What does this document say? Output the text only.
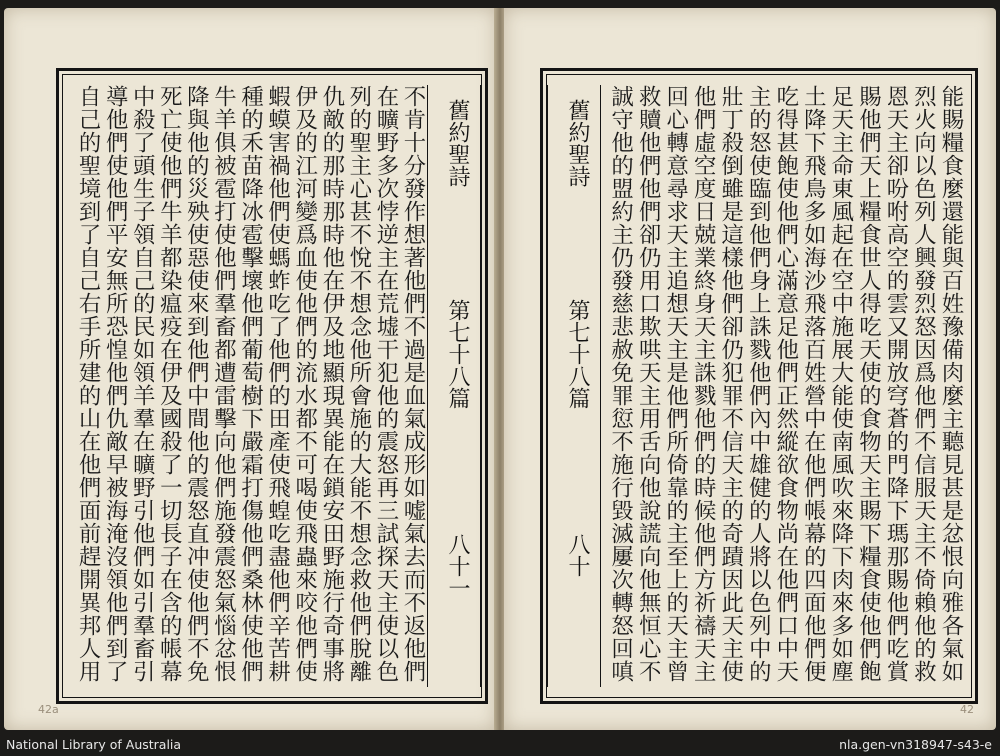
不肯十分發作想著他們不過是血氣成形如嘘氣去而不返他們
在曠野多次悖逆主在荒墟干犯他的震怒再三試探天主使以色
列的聖主心甚不悅不想念他所會施的大能不想念救他們脫離
仇敵的那時那時他在伊及地顯現異能在鎖安田野施行奇事將
伊及的江河變爲血使他們的流水都不可喝使飛蟲來咬他們使
蝦蟆害禍他們使螞蚱吃了他們的田產使飛蝗吃盡他們辛苦耕
種的禾苗降冰雹擊壞他們葡萄樹下嚴霜打傷他們桑林使他們
牛羊俱被雹打使他們羣畜都遭雷擊向他們施發震怒氣惱忿恨
降與他的災殃使惡使來到他們中間他的震怒直冲使他們不免
死亡使他們牛羊都染瘟疫在伊及國殺了一切長子在含的帳幕
中殺了頭生子領自己的民如領羊羣在曠野引他們如引羣畜引
導他們使他們平安無所恐惶他們仇敵早被海淹沒領他們到了
自己的聖境到了自己右手所建的山在他們面前趕開異邦人用	舊約聖詩
第七十八篇
八十一
42a
舊約聖詩
第七十八篇
八十	能賜糧食麼還能與百姓豫備肉麼主聽見甚是忿恨向雅各氣如
烈火向以色列人興發烈怒因爲他們不信服天主不倚賴他的救
恩天主卻吩咐高空的雲又開放穹蒼的門降下瑪那賜他們吃賞
賜他們天上糧食世人得吃天使的食物天主賜下糧食使他們飽
足天主命東風起在空中施展大能使南風吹來降下肉來多如塵
土降下飛鳥多如海沙飛落百姓營中在他們帳幕的四面他們便
吃得甚飽使他們心滿意足他們正然縱欲食物尚在他們口中天
主的怒使臨到他們身上誅戮他們內中雄健的人將以色列中的
壯丁殺倒雖是這樣他們卻仍犯罪不信天主的奇蹟因此天主使
他們虛空度日兢業終身天主誅戮他們的時候他們方祈禱天主
回心轉意尋求天主追想天主是他們所倚靠的主至上的天主曾
救贖他們他們卻仍用口欺哄天主用舌向他說謊向他無恒心不
誠守他的盟約主仍發慈悲赦免罪愆不施行毀滅屢次轉怒回嗔
42
National Library of Australia	nla.gen-vn318947-s43-e
